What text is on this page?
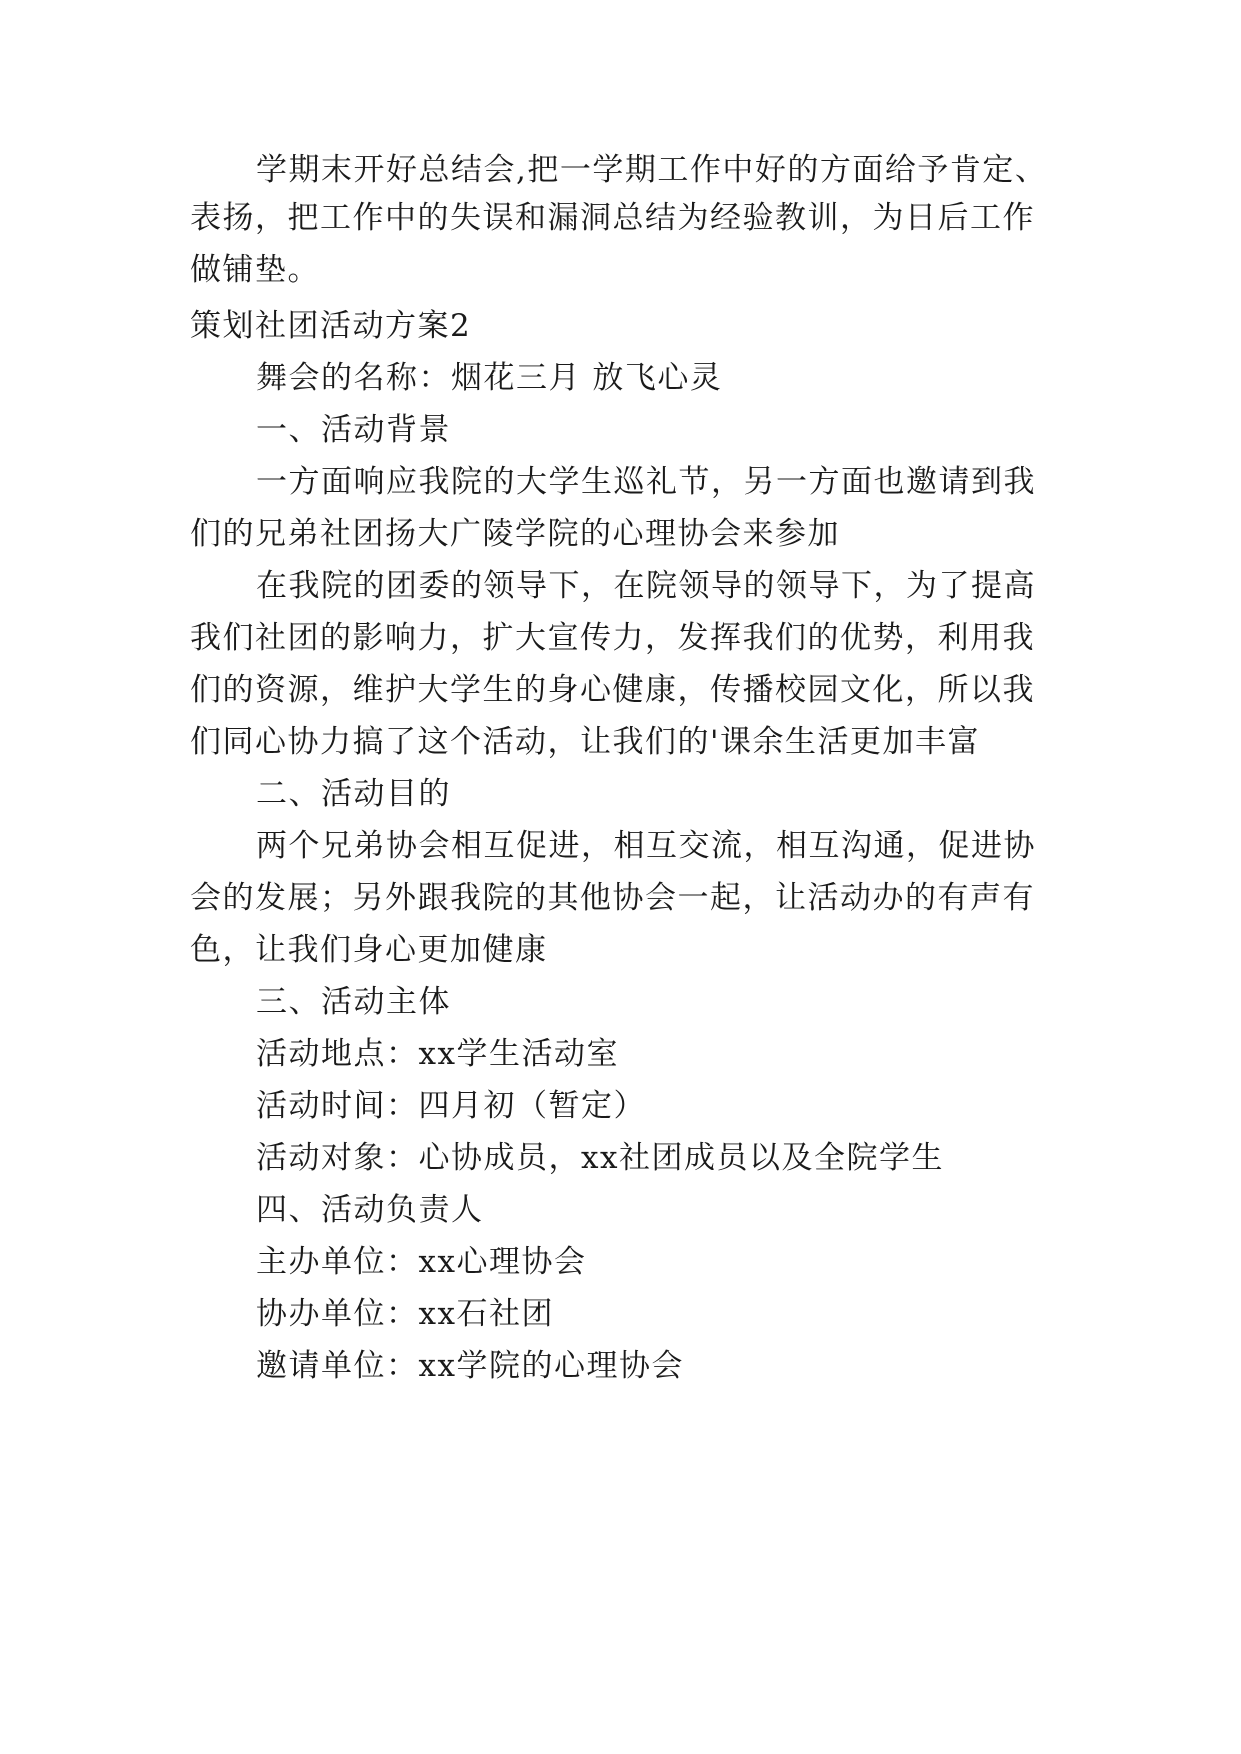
学期末开好总结会,把一学期工作中好的方面给予肯定、
表扬，把工作中的失误和漏洞总结为经验教训，为日后工作
做铺垫。
策划社团活动方案2
舞会的名称：烟花三月 放飞心灵
一、活动背景
一方面响应我院的大学生巡礼节，另一方面也邀请到我
们的兄弟社团扬大广陵学院的心理协会来参加
在我院的团委的领导下，在院领导的领导下，为了提高
我们社团的影响力，扩大宣传力，发挥我们的优势，利用我
们的资源，维护大学生的身心健康，传播校园文化，所以我
们同心协力搞了这个活动，让我们的'课余生活更加丰富
二、活动目的
两个兄弟协会相互促进，相互交流，相互沟通，促进协
会的发展；另外跟我院的其他协会一起，让活动办的有声有
色，让我们身心更加健康
三、活动主体
活动地点：xx学生活动室
活动时间：四月初（暂定）
活动对象：心协成员，xx社团成员以及全院学生
四、活动负责人
主办单位：xx心理协会
协办单位：xx石社团
邀请单位：xx学院的心理协会
